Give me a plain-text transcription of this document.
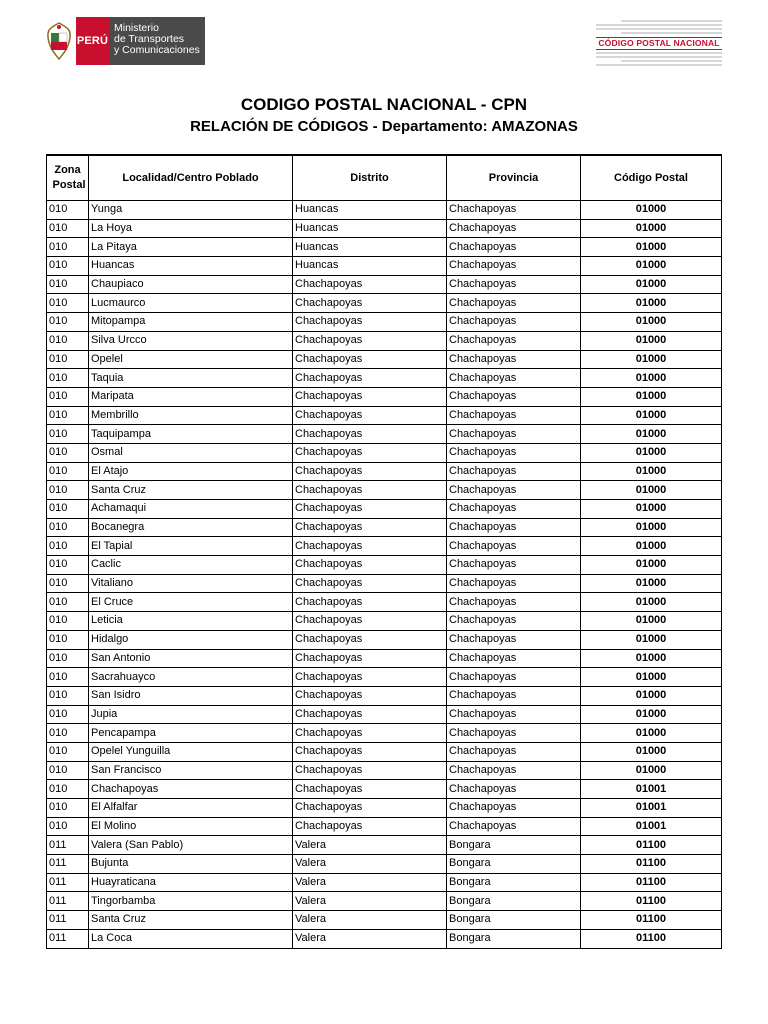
PERÚ
Ministerio
de Transportes
y Comunicaciones
CÓDIGO POSTAL NACIONAL
CODIGO POSTAL NACIONAL - CPN
RELACIÓN DE CÓDIGOS - Departamento: AMAZONAS
Zona Postal	Localidad/Centro Poblado	Distrito	Provincia	Código Postal
010	Yunga	Huancas	Chachapoyas	01000
010	La Hoya	Huancas	Chachapoyas	01000
010	La Pitaya	Huancas	Chachapoyas	01000
010	Huancas	Huancas	Chachapoyas	01000
010	Chaupiaco	Chachapoyas	Chachapoyas	01000
010	Lucmaurco	Chachapoyas	Chachapoyas	01000
010	Mitopampa	Chachapoyas	Chachapoyas	01000
010	Silva Urcco	Chachapoyas	Chachapoyas	01000
010	Opelel	Chachapoyas	Chachapoyas	01000
010	Taquia	Chachapoyas	Chachapoyas	01000
010	Maripata	Chachapoyas	Chachapoyas	01000
010	Membrillo	Chachapoyas	Chachapoyas	01000
010	Taquipampa	Chachapoyas	Chachapoyas	01000
010	Osmal	Chachapoyas	Chachapoyas	01000
010	El Atajo	Chachapoyas	Chachapoyas	01000
010	Santa Cruz	Chachapoyas	Chachapoyas	01000
010	Achamaqui	Chachapoyas	Chachapoyas	01000
010	Bocanegra	Chachapoyas	Chachapoyas	01000
010	El Tapial	Chachapoyas	Chachapoyas	01000
010	Caclic	Chachapoyas	Chachapoyas	01000
010	Vitaliano	Chachapoyas	Chachapoyas	01000
010	El Cruce	Chachapoyas	Chachapoyas	01000
010	Leticia	Chachapoyas	Chachapoyas	01000
010	Hidalgo	Chachapoyas	Chachapoyas	01000
010	San Antonio	Chachapoyas	Chachapoyas	01000
010	Sacrahuayco	Chachapoyas	Chachapoyas	01000
010	San Isidro	Chachapoyas	Chachapoyas	01000
010	Jupia	Chachapoyas	Chachapoyas	01000
010	Pencapampa	Chachapoyas	Chachapoyas	01000
010	Opelel Yunguilla	Chachapoyas	Chachapoyas	01000
010	San Francisco	Chachapoyas	Chachapoyas	01000
010	Chachapoyas	Chachapoyas	Chachapoyas	01001
010	El Alfalfar	Chachapoyas	Chachapoyas	01001
010	El Molino	Chachapoyas	Chachapoyas	01001
011	Valera (San Pablo)	Valera	Bongara	01100
011	Bujunta	Valera	Bongara	01100
011	Huayraticana	Valera	Bongara	01100
011	Tingorbamba	Valera	Bongara	01100
011	Santa Cruz	Valera	Bongara	01100
011	La Coca	Valera	Bongara	01100
